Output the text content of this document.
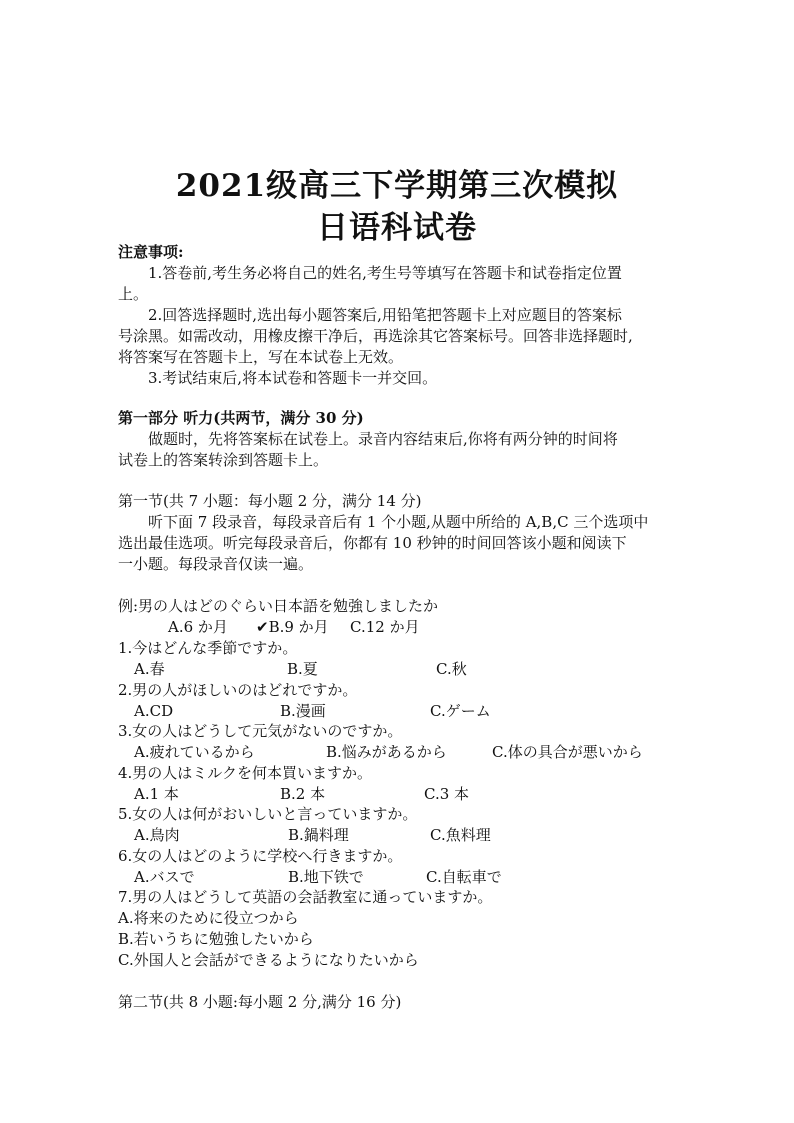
2021级高三下学期第三次模拟
日语科试卷
注意事项:
1.答卷前,考生务必将自己的姓名,考生号等填写在答题卡和试卷指定位置
上。
2.回答选择题时,选出每小题答案后,用铅笔把答题卡上对应题目的答案标
号涂黑。如需改动，用橡皮擦干净后，再选涂其它答案标号。回答非选择题时,
将答案写在答题卡上，写在本试卷上无效。
3.考试结束后,将本试卷和答题卡一并交回。
第一部分 听力(共两节，满分 30 分)
做题时，先将答案标在试卷上。录音内容结束后,你将有两分钟的时间将
试卷上的答案转涂到答题卡上。
第一节(共 7 小题：每小题 2 分，满分 14 分)
听下面 7 段录音，每段录音后有 1 个小题,从题中所给的 A,B,C 三个选项中
选出最佳选项。听完每段录音后，你都有 10 秒钟的时间回答该小题和阅读下
一小题。每段录音仅读一遍。
例:男の人はどのぐらい日本語を勉強しましたか
A.6 か月 ✔B.9 か月 C.12 か月
1.今はどんな季節ですか。
A.春	B.夏	C.秋
2.男の人がほしいのはどれですか。
A.CD	B.漫画	C.ゲーム
3.女の人はどうして元気がないのですか。
A.疲れているから	B.悩みがあるから	C.体の具合が悪いから
4.男の人はミルクを何本買いますか。
A.1 本	B.2 本	C.3 本
5.女の人は何がおいしいと言っていますか。
A.鳥肉	B.鍋料理	C.魚料理
6.女の人はどのように学校へ行きますか。
A.バスで	B.地下铁で	C.自転車で
7.男の人はどうして英語の会話教室に通っていますか。
A.将来のために役立つから
B.若いうちに勉強したいから
C.外国人と会話ができるようになりたいから
第二节(共 8 小题:每小题 2 分,满分 16 分)
